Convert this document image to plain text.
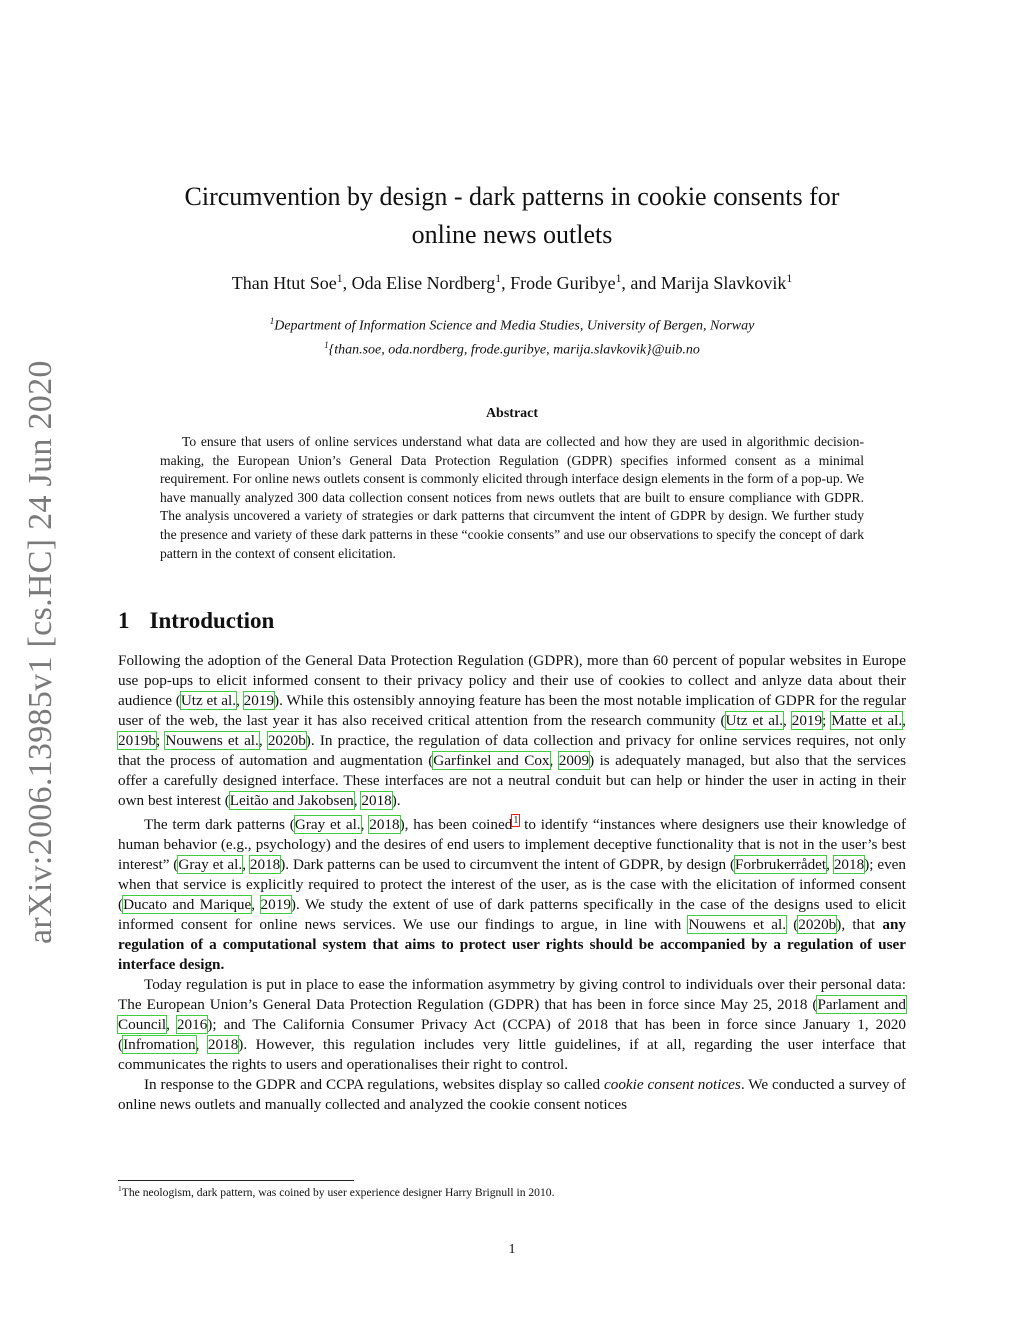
arXiv:2006.13985v1 [cs.HC] 24 Jun 2020
Circumvention by design - dark patterns in cookie consents for
online news outlets
Than Htut Soe$^1$, Oda Elise Nordberg$^1$, Frode Guribye$^1$, and Marija Slavkovik$^1$
$^1$Department of Information Science and Media Studies, University of Bergen, Norway
$^1${than.soe, oda.nordberg, frode.guribye, marija.slavkovik}@uib.no
Abstract
To ensure that users of online services understand what data are collected and how they are used in algorithmic decision-making, the European Union’s General Data Protection Regulation (GDPR) specifies informed consent as a minimal requirement. For online news outlets consent is commonly elicited through interface design elements in the form of a pop-up. We have manually analyzed 300 data collection consent notices from news outlets that are built to ensure compliance with GDPR. The analysis uncovered a variety of strategies or dark patterns that circumvent the intent of GDPR by design. We further study the presence and variety of these dark patterns in these “cookie consents” and use our observations to specify the concept of dark pattern in the context of consent elicitation.
1 Introduction

Following the adoption of the General Data Protection Regulation (GDPR), more than 60 percent of popular websites in Europe use pop-ups to elicit informed consent to their privacy policy and their use of cookies to collect and anlyze data about their audience (Utz et al., 2019). While this ostensibly annoying feature has been the most notable implication of GDPR for the regular user of the web, the last year it has also received critical attention from the research community (Utz et al., 2019; Matte et al., 2019b; Nouwens et al., 2020b). In practice, the regulation of data collection and privacy for online services requires, not only that the process of automation and augmentation (Garfinkel and Cox, 2009) is adequately managed, but also that the services offer a carefully designed interface. These interfaces are not a neutral conduit but can help or hinder the user in acting in their own best interest (Leitão and Jakobsen, 2018).

The term dark patterns (Gray et al., 2018), has been coined$^1$ to identify “instances where designers use their knowledge of human behavior (e.g., psychology) and the desires of end users to implement deceptive functionality that is not in the user’s best interest” (Gray et al., 2018). Dark patterns can be used to circumvent the intent of GDPR, by design (Forbrukerrådet, 2018); even when that service is explicitly required to protect the interest of the user, as is the case with the elicitation of informed consent (Ducato and Marique, 2019). We study the extent of use of dark patterns specifically in the case of the designs used to elicit informed consent for online news services. We use our findings to argue, in line with Nouwens et al. (2020b), that any regulation of a computational system that aims to protect user rights should be accompanied by a regulation of user interface design.

Today regulation is put in place to ease the information asymmetry by giving control to individuals over their personal data: The European Union’s General Data Protection Regulation (GDPR) that has been in force since May 25, 2018 (Parlament and Council, 2016); and The California Consumer Privacy Act (CCPA) of 2018 that has been in force since January 1, 2020 (Infromation, 2018). However, this regulation includes very little guidelines, if at all, regarding the user interface that communicates the rights to users and operationalises their right to control.

In response to the GDPR and CCPA regulations, websites display so called cookie consent notices. We conducted a survey of online news outlets and manually collected and analyzed the cookie consent notices

$^1$The neologism, dark pattern, was coined by user experience designer Harry Brignull in 2010.
1
